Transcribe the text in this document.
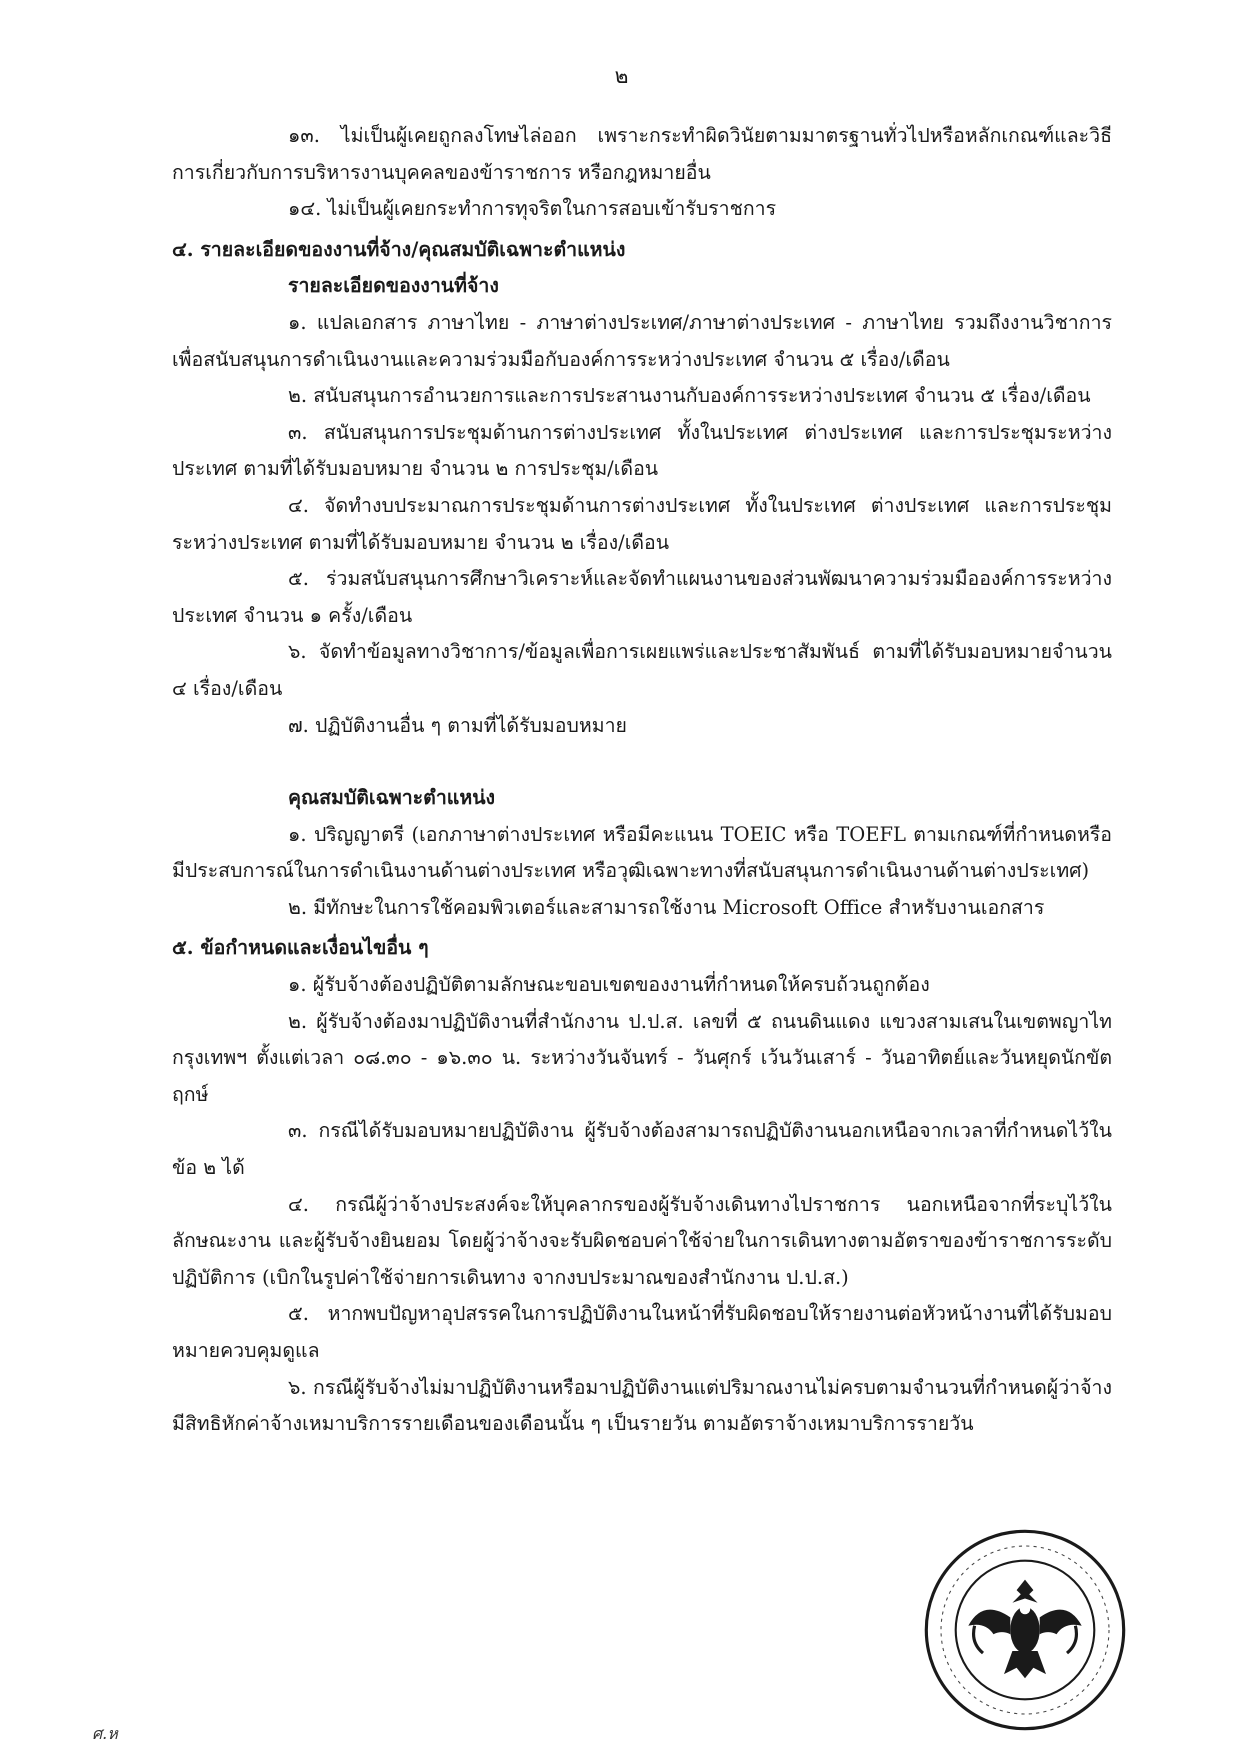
๒

๑๓. ไม่เป็นผู้เคยถูกลงโทษไล่ออก เพราะกระทำผิดวินัยตามมาตรฐานทั่วไปหรือหลักเกณฑ์และวิธีการเกี่ยวกับการบริหารงานบุคคลของข้าราชการ หรือกฎหมายอื่น

๑๔. ไม่เป็นผู้เคยกระทำการทุจริตในการสอบเข้ารับราชการ

๔. รายละเอียดของงานที่จ้าง/คุณสมบัติเฉพาะตำแหน่ง

รายละเอียดของงานที่จ้าง

๑. แปลเอกสาร ภาษาไทย - ภาษาต่างประเทศ/ภาษาต่างประเทศ - ภาษาไทย รวมถึงงานวิชาการเพื่อสนับสนุนการดำเนินงานและความร่วมมือกับองค์การระหว่างประเทศ จำนวน ๕ เรื่อง/เดือน

๒. สนับสนุนการอำนวยการและการประสานงานกับองค์การระหว่างประเทศ จำนวน ๕ เรื่อง/เดือน

๓. สนับสนุนการประชุมด้านการต่างประเทศ ทั้งในประเทศ ต่างประเทศ และการประชุมระหว่างประเทศ ตามที่ได้รับมอบหมาย จำนวน ๒ การประชุม/เดือน

๔. จัดทำงบประมาณการประชุมด้านการต่างประเทศ ทั้งในประเทศ ต่างประเทศ และการประชุมระหว่างประเทศ ตามที่ได้รับมอบหมาย จำนวน ๒ เรื่อง/เดือน

๕. ร่วมสนับสนุนการศึกษาวิเคราะห์และจัดทำแผนงานของส่วนพัฒนาความร่วมมือองค์การระหว่างประเทศ จำนวน ๑ ครั้ง/เดือน

๖. จัดทำข้อมูลทางวิชาการ/ข้อมูลเพื่อการเผยแพร่และประชาสัมพันธ์ ตามที่ได้รับมอบหมายจำนวน ๔ เรื่อง/เดือน

๗. ปฏิบัติงานอื่น ๆ ตามที่ได้รับมอบหมาย

คุณสมบัติเฉพาะตำแหน่ง

๑. ปริญญาตรี (เอกภาษาต่างประเทศ หรือมีคะแนน TOEIC หรือ TOEFL ตามเกณฑ์ที่กำหนดหรือมีประสบการณ์ในการดำเนินงานด้านต่างประเทศ หรือวุฒิเฉพาะทางที่สนับสนุนการดำเนินงานด้านต่างประเทศ)

๒. มีทักษะในการใช้คอมพิวเตอร์และสามารถใช้งาน Microsoft Office สำหรับงานเอกสาร

๕. ข้อกำหนดและเงื่อนไขอื่น ๆ

๑. ผู้รับจ้างต้องปฏิบัติตามลักษณะขอบเขตของงานที่กำหนดให้ครบถ้วนถูกต้อง

๒. ผู้รับจ้างต้องมาปฏิบัติงานที่สำนักงาน ป.ป.ส. เลขที่ ๕ ถนนดินแดง แขวงสามเสนในเขตพญาไท กรุงเทพฯ ตั้งแต่เวลา ๐๘.๓๐ - ๑๖.๓๐ น. ระหว่างวันจันทร์ - วันศุกร์ เว้นวันเสาร์ - วันอาทิตย์และวันหยุดนักขัตฤกษ์

๓. กรณีได้รับมอบหมายปฏิบัติงาน ผู้รับจ้างต้องสามารถปฏิบัติงานนอกเหนือจากเวลาที่กำหนดไว้ในข้อ ๒ ได้

๔. กรณีผู้ว่าจ้างประสงค์จะให้บุคลากรของผู้รับจ้างเดินทางไปราชการ นอกเหนือจากที่ระบุไว้ในลักษณะงาน และผู้รับจ้างยินยอม โดยผู้ว่าจ้างจะรับผิดชอบค่าใช้จ่ายในการเดินทางตามอัตราของข้าราชการระดับปฏิบัติการ (เบิกในรูปค่าใช้จ่ายการเดินทาง จากงบประมาณของสำนักงาน ป.ป.ส.)

๕. หากพบปัญหาอุปสรรคในการปฏิบัติงานในหน้าที่รับผิดชอบให้รายงานต่อหัวหน้างานที่ได้รับมอบหมายควบคุมดูแล

๖. กรณีผู้รับจ้างไม่มาปฏิบัติงานหรือมาปฏิบัติงานแต่ปริมาณงานไม่ครบตามจำนวนที่กำหนดผู้ว่าจ้างมีสิทธิหักค่าจ้างเหมาบริการรายเดือนของเดือนนั้น ๆ เป็นรายวัน ตามอัตราจ้างเหมาบริการรายวัน

ศ.ห
